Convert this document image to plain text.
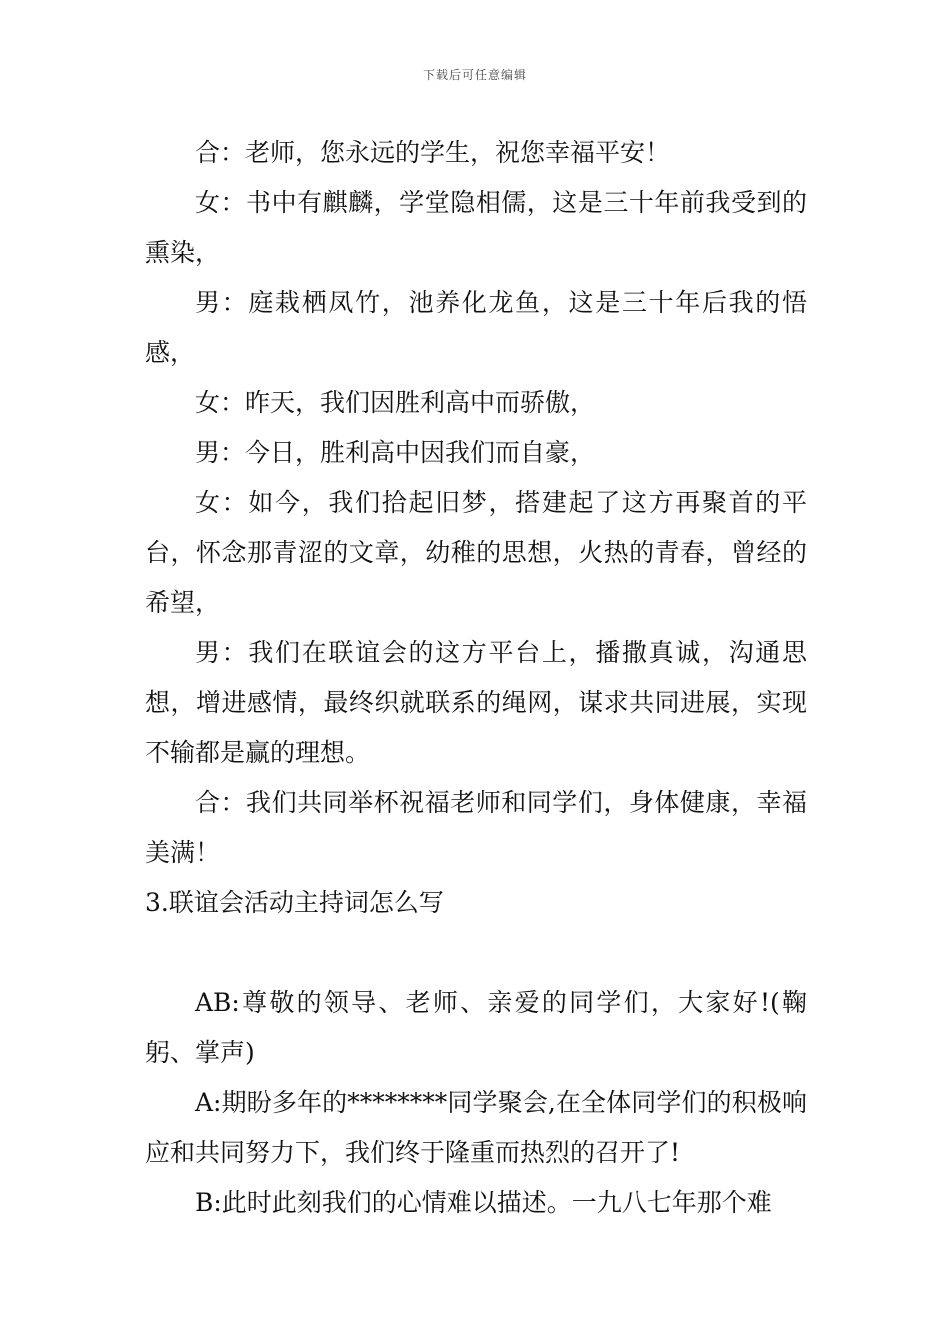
下载后可任意编辑

合：老师，您永远的学生，祝您幸福平安！

女：书中有麒麟，学堂隐相儒，这是三十年前我受到的熏染，

男：庭栽栖凤竹，池养化龙鱼，这是三十年后我的悟感，

女：昨天，我们因胜利高中而骄傲，

男：今日，胜利高中因我们而自豪，

女：如今，我们拾起旧梦，搭建起了这方再聚首的平台，怀念那青涩的文章，幼稚的思想，火热的青春，曾经的希望，

男：我们在联谊会的这方平台上，播撒真诚，沟通思想，增进感情，最终织就联系的绳网，谋求共同进展，实现不输都是赢的理想。

合：我们共同举杯祝福老师和同学们，身体健康，幸福美满！

3.联谊会活动主持词怎么写

AB:尊敬的领导、老师、亲爱的同学们，大家好!(鞠躬、掌声)

A:期盼多年的********同学聚会,在全体同学们的积极响应和共同努力下，我们终于隆重而热烈的召开了!

B:此时此刻我们的心情难以描述。一九八七年那个难
